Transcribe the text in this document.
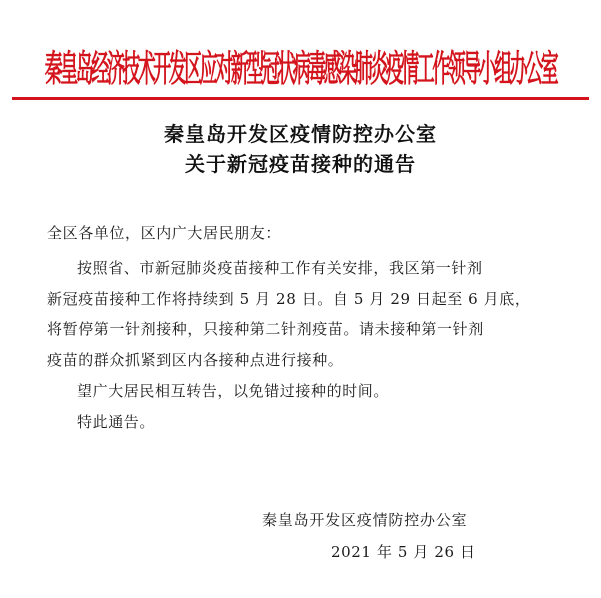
秦皇岛经济技术开发区应对新型冠状病毒感染肺炎疫情工作领导小组办公室
秦皇岛开发区疫情防控办公室
关于新冠疫苗接种的通告
全区各单位，区内广大居民朋友：
按照省、市新冠肺炎疫苗接种工作有关安排，我区第一针剂
新冠疫苗接种工作将持续到 5 月 28 日。自 5 月 29 日起至 6 月底，
将暂停第一针剂接种，只接种第二针剂疫苗。请未接种第一针剂
疫苗的群众抓紧到区内各接种点进行接种。
望广大居民相互转告，以免错过接种的时间。
特此通告。
秦皇岛开发区疫情防控办公室
2021 年 5 月 26 日
